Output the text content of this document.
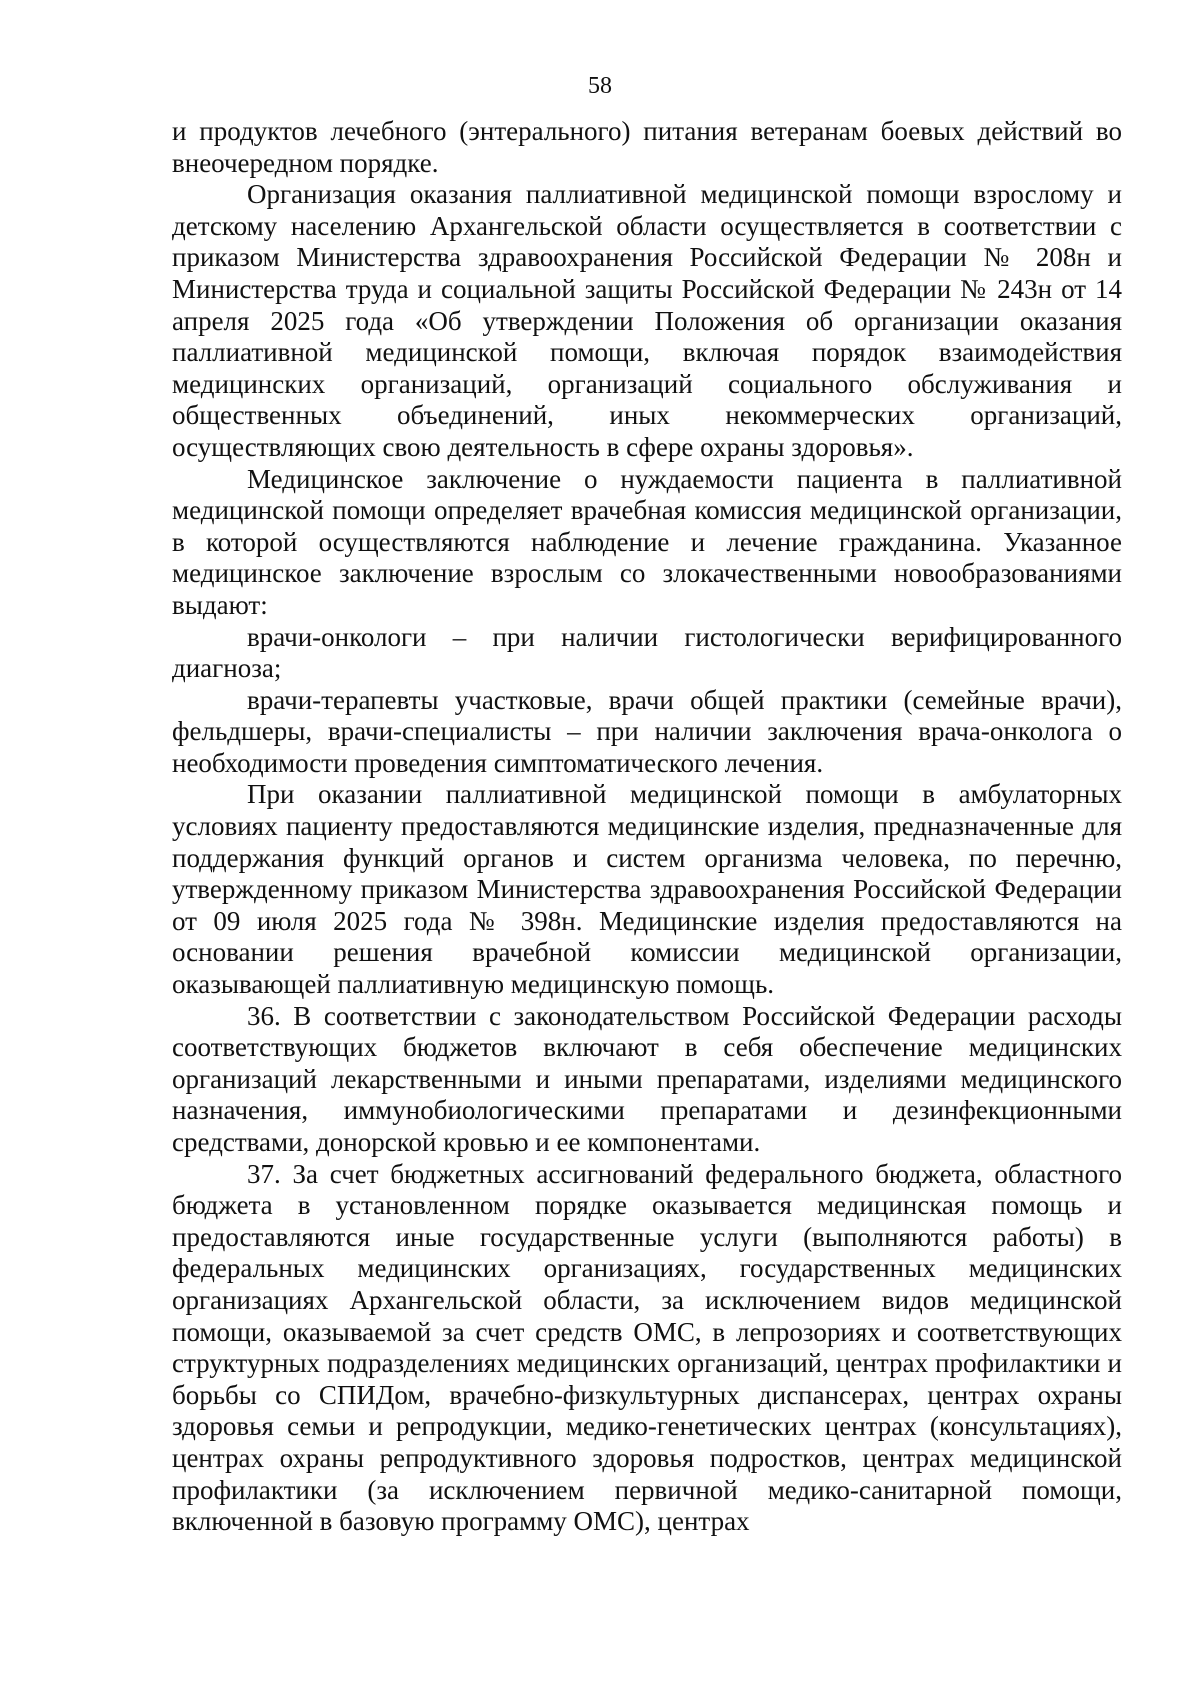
58

и продуктов лечебного (энтерального) питания ветеранам боевых действий во внеочередном порядке.

Организация оказания паллиативной медицинской помощи взрослому и детскому населению Архангельской области осуществляется в соответствии с приказом Министерства здравоохранения Российской Федерации № 208н и Министерства труда и социальной защиты Российской Федерации № 243н от 14 апреля 2025 года «Об утверждении Положения об организации оказания паллиативной медицинской помощи, включая порядок взаимодействия медицинских организаций, организаций социального обслуживания и общественных объединений, иных некоммерческих организаций, осуществляющих свою деятельность в сфере охраны здоровья».

Медицинское заключение о нуждаемости пациента в паллиативной медицинской помощи определяет врачебная комиссия медицинской организации, в которой осуществляются наблюдение и лечение гражданина. Указанное медицинское заключение взрослым со злокачественными новообразованиями выдают:

врачи-онкологи – при наличии гистологически верифицированного диагноза;

врачи-терапевты участковые, врачи общей практики (семейные врачи), фельдшеры, врачи-специалисты – при наличии заключения врача-онколога о необходимости проведения симптоматического лечения.

При оказании паллиативной медицинской помощи в амбулаторных условиях пациенту предоставляются медицинские изделия, предназначенные для поддержания функций органов и систем организма человека, по перечню, утвержденному приказом Министерства здравоохранения Российской Федерации от 09 июля 2025 года № 398н. Медицинские изделия предоставляются на основании решения врачебной комиссии медицинской организации, оказывающей паллиативную медицинскую помощь.

36. В соответствии с законодательством Российской Федерации расходы соответствующих бюджетов включают в себя обеспечение медицинских организаций лекарственными и иными препаратами, изделиями медицинского назначения, иммунобиологическими препаратами и дезинфекционными средствами, донорской кровью и ее компонентами.

37. За счет бюджетных ассигнований федерального бюджета, областного бюджета в установленном порядке оказывается медицинская помощь и предоставляются иные государственные услуги (выполняются работы) в федеральных медицинских организациях, государственных медицинских организациях Архангельской области, за исключением видов медицинской помощи, оказываемой за счет средств ОМС, в лепрозориях и соответствующих структурных подразделениях медицинских организаций, центрах профилактики и борьбы со СПИДом, врачебно-физкультурных диспансерах, центрах охраны здоровья семьи и репродукции, медико-генетических центрах (консультациях), центрах охраны репродуктивного здоровья подростков, центрах медицинской профилактики (за исключением первичной медико-санитарной помощи, включенной в базовую программу ОМС), центрах
